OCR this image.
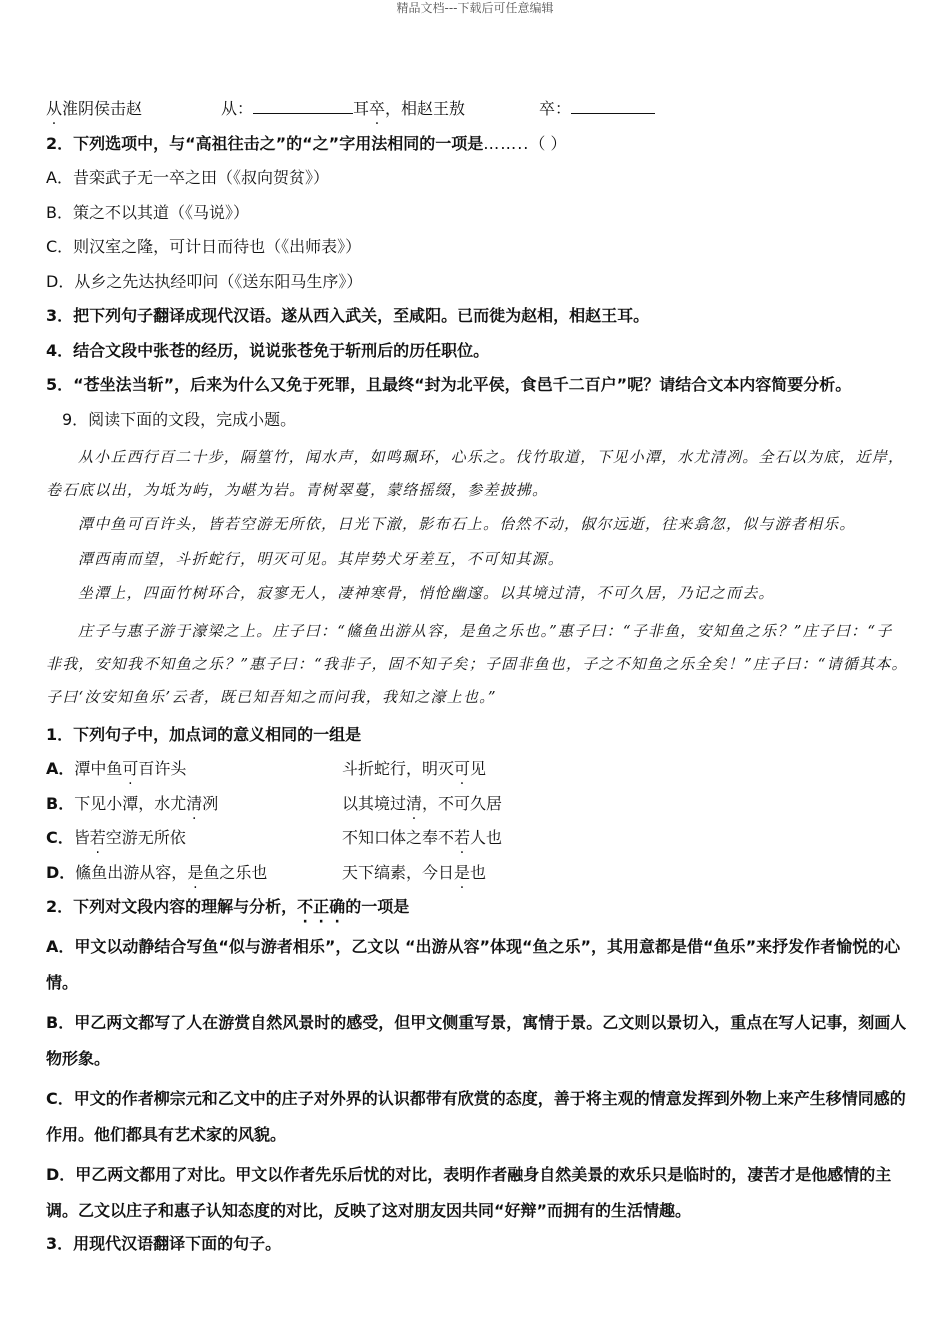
精品文档---下载后可任意编辑
从淮阴侯击赵	从：	耳卒，相赵王敖	卒：
2．下列选项中，与“高祖往击之”的“之”字用法相同的一项是……..（ ）
A．昔栾武子无一卒之田（《叔向贺贫》）
B．策之不以其道（《马说》）
C．则汉室之隆，可计日而待也（《出师表》）
D．从乡之先达执经叩问（《送东阳马生序》）
3．把下列句子翻译成现代汉语。遂从西入武关，至咸阳。已而徙为赵相，相赵王耳。
4．结合文段中张苍的经历，说说张苍免于斩刑后的历任职位。
5．“苍坐法当斩”，后来为什么又免于死罪，且最终“封为北平侯，食邑千二百户”呢？请结合文本内容简要分析。
9．阅读下面的文段，完成小题。
从小丘西行百二十步，隔篁竹，闻水声，如鸣珮环，心乐之。伐竹取道，下见小潭，水尤清冽。全石以为底，近岸，卷石底以出，为坻为屿，为嵁为岩。青树翠蔓，蒙络摇缀，参差披拂。
潭中鱼可百许头，皆若空游无所依，日光下澈，影布石上。佁然不动，俶尔远逝，往来翕忽，似与游者相乐。
潭西南而望，斗折蛇行，明灭可见。其岸势犬牙差互，不可知其源。
坐潭上，四面竹树环合，寂寥无人，凄神寒骨，悄怆幽邃。以其境过清，不可久居，乃记之而去。
庄子与惠子游于濠梁之上。庄子曰：“鯈鱼出游从容，是鱼之乐也。”惠子曰：“子非鱼，安知鱼之乐？”庄子曰：“子非我，安知我不知鱼之乐？”惠子曰：“我非子，固不知子矣；子固非鱼也，子之不知鱼之乐全矣！”庄子曰：“请循其本。子曰‘汝安知鱼乐’云者，既已知吾知之而问我，我知之濠上也。”
1．下列句子中，加点词的意义相同的一组是
A．潭中鱼可百许头	斗折蛇行，明灭可见
B．下见小潭，水尤清冽	以其境过清，不可久居
C．皆若空游无所依	不知口体之奉不若人也
D．鯈鱼出游从容，是鱼之乐也	天下缟素，今日是也
2．下列对文段内容的理解与分析，不正确的一项是
A．甲文以动静结合写鱼“似与游者相乐”，乙文以 “出游从容”体现“鱼之乐”，其用意都是借“鱼乐”来抒发作者愉悦的心情。
B．甲乙两文都写了人在游赏自然风景时的感受，但甲文侧重写景，寓情于景。乙文则以景切入，重点在写人记事，刻画人物形象。
C．甲文的作者柳宗元和乙文中的庄子对外界的认识都带有欣赏的态度，善于将主观的情意发挥到外物上来产生移情同感的作用。他们都具有艺术家的风貌。
D．甲乙两文都用了对比。甲文以作者先乐后忧的对比，表明作者融身自然美景的欢乐只是临时的，凄苦才是他感情的主调。乙文以庄子和惠子认知态度的对比，反映了这对朋友因共同“好辩”而拥有的生活情趣。
3．用现代汉语翻译下面的句子。
